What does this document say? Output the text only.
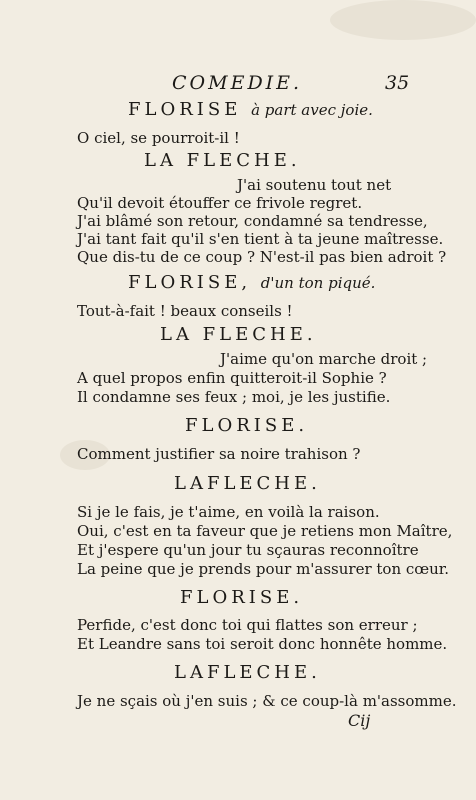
COMEDIE.	35
FLORISE à part avec joie.
O ciel, se pourroit-il !
LA FLECHE.
J'ai soutenu tout net
Qu'il devoit étouffer ce frivole regret.
J'ai blâmé son retour, condamné sa tendresse,
J'ai tant fait qu'il s'en tient à ta jeune maîtresse.
Que dis-tu de ce coup ? N'est-il pas bien adroit ?
FLORISE, d'un ton piqué.
Tout-à-fait ! beaux conseils !
LA FLECHE.
J'aime qu'on marche droit ;
A quel propos enfin quitteroit-il Sophie ?
Il condamne ses feux ; moi, je les justifie.
FLORISE.
Comment justifier sa noire trahison ?
LAFLECHE.
Si je le fais, je t'aime, en voilà la raison.
Oui, c'est en ta faveur que je retiens mon Maître,
Et j'espere qu'un jour tu sçauras reconnoître
La peine que je prends pour m'assurer ton cœur.
FLORISE.
Perfide, c'est donc toi qui flattes son erreur ;
Et Leandre sans toi seroit donc honnête homme.
LAFLECHE.
Je ne sçais où j'en suis ; & ce coup-là m'assomme.
Cij
